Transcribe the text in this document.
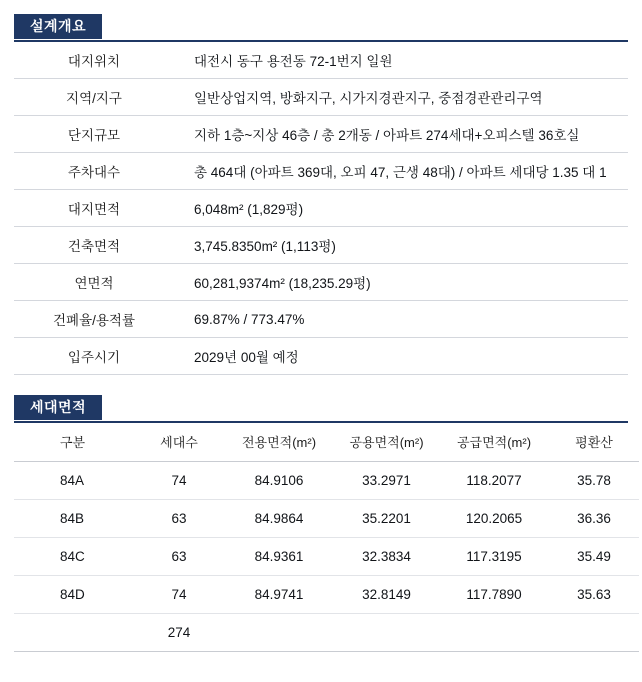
설계개요
대지위치	대전시 동구 용전동 72-1번지 일원
지역/지구	일반상업지역, 방화지구, 시가지경관지구, 중점경관관리구역
단지규모	지하 1층~지상 46층 / 총 2개동 / 아파트 274세대+오피스텔 36호실
주차대수	총 464대 (아파트 369대, 오피 47, 근생 48대) / 아파트 세대당 1.35 대 1
대지면적	6,048m² (1,829평)
건축면적	3,745.8350m² (1,113평)
연면적	60,281,9374m² (18,235.29평)
건폐율/용적률	69.87% / 773.47%
입주시기	2029년 00월 예정
세대면적
구분	세대수	전용면적(m²)	공용면적(m²)	공급면적(m²)	평환산
84A	74	84.9106	33.2971	118.2077	35.78
84B	63	84.9864	35.2201	120.2065	36.36
84C	63	84.9361	32.3834	117.3195	35.49
84D	74	84.9741	32.8149	117.7890	35.63
	274				
